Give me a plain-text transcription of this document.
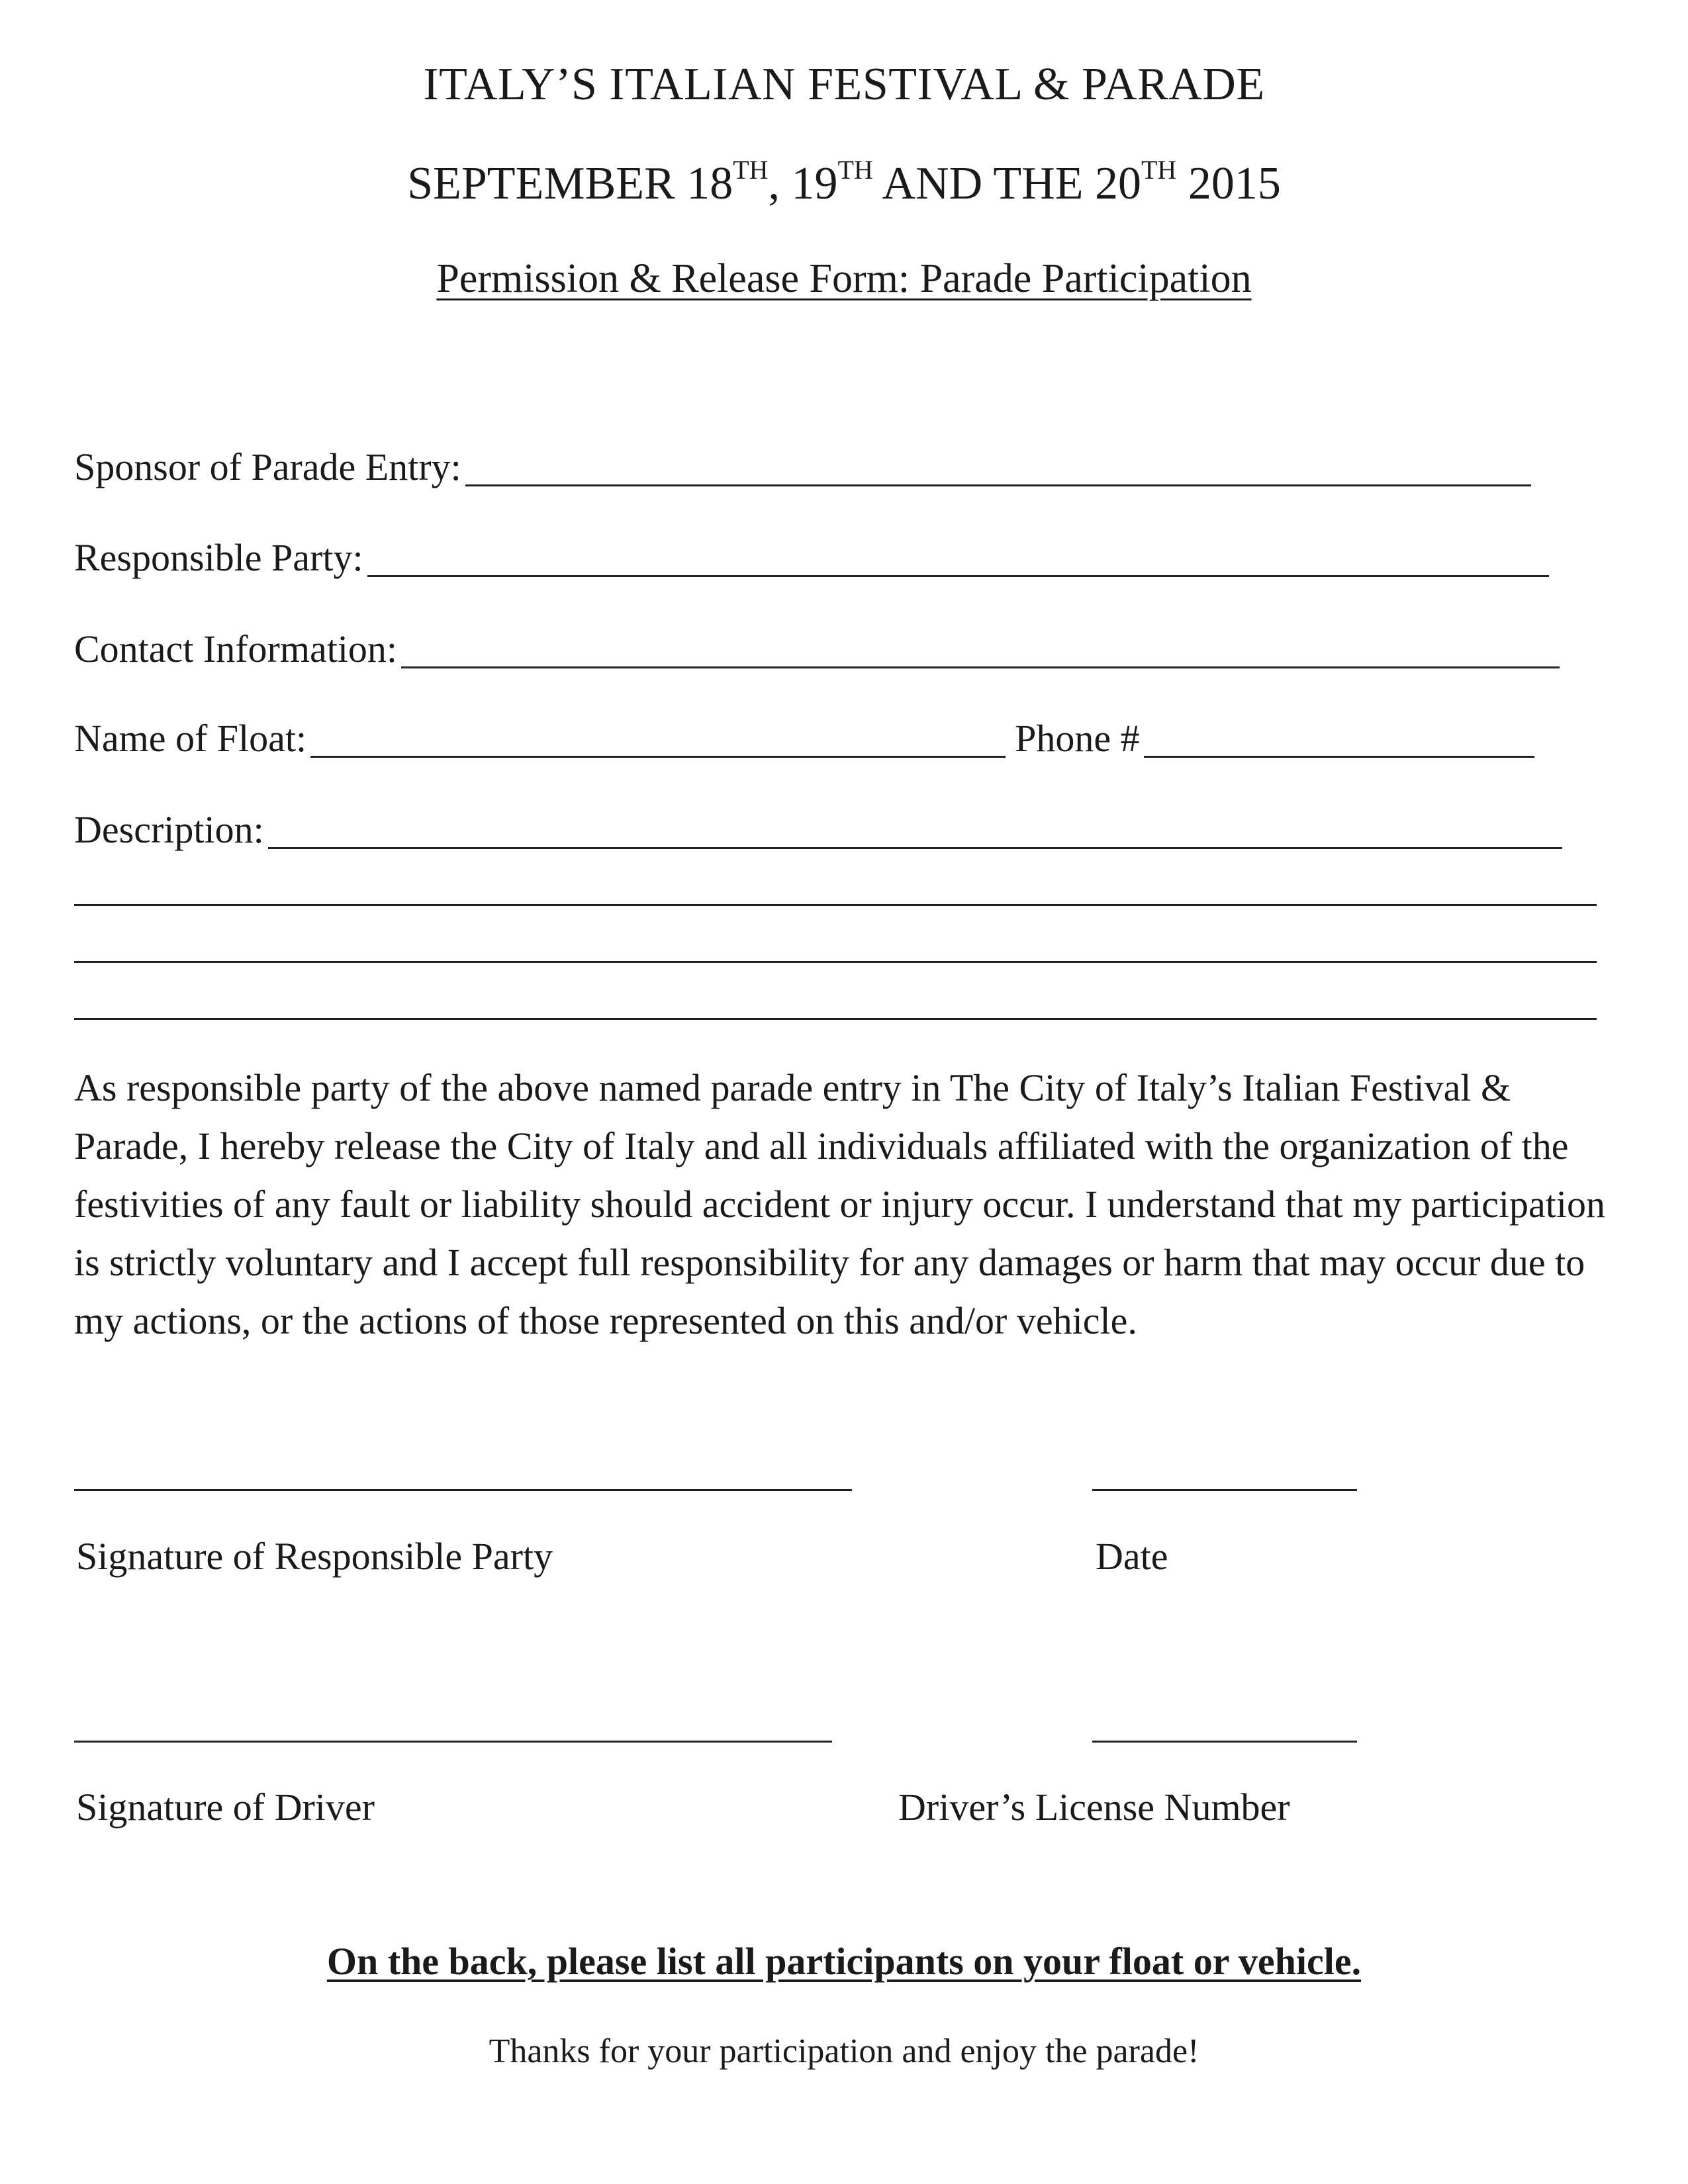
ITALY’S ITALIAN FESTIVAL & PARADE
SEPTEMBER 18TH, 19TH AND THE 20TH 2015
Permission & Release Form: Parade Participation
Sponsor of Parade Entry:
Responsible Party:
Contact Information:
Name of Float:	Phone #
Description:
As responsible party of the above named parade entry in The City of Italy’s Italian Festival & Parade, I hereby release the City of Italy and all individuals affiliated with the organization of the festivities of any fault or liability should accident or injury occur. I understand that my participation is strictly voluntary and I accept full responsibility for any damages or harm that may occur due to my actions, or the actions of those represented on this and/or vehicle.
Signature of Responsible Party	Date
Signature of Driver	Driver’s License Number
On the back, please list all participants on your float or vehicle.
Thanks for your participation and enjoy the parade!
